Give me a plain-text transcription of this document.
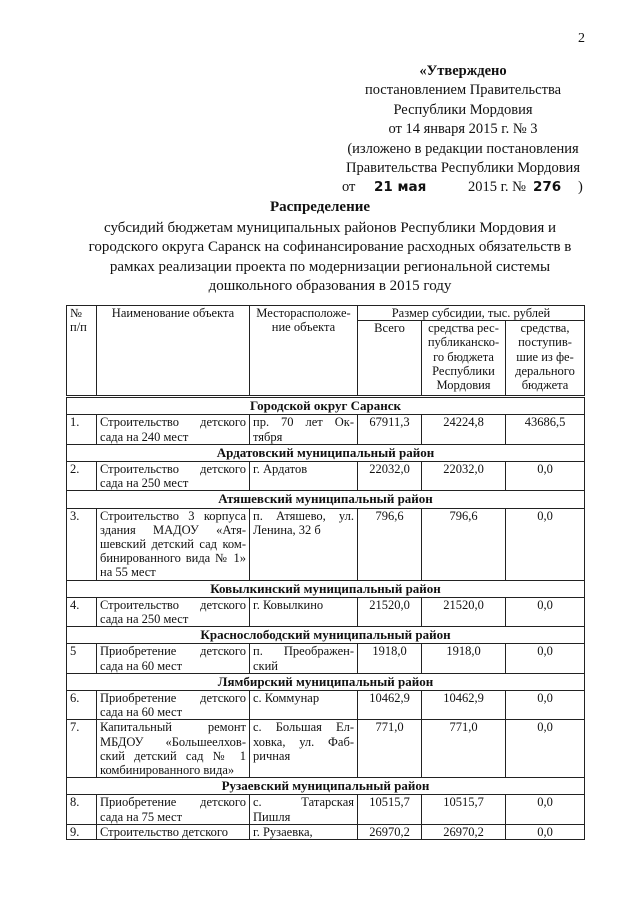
2
«Утверждено
постановлением Правительства
Республики Мордовия
от 14 января 2015 г. № 3
(изложено в редакции постановления
Правительства Республики Мордовия
от 21 мая	2015 г. № 276 )
Распределение
субсидий бюджетам муниципальных районов Республики Мордовия и городского округа Саранск на софинансирование расходных обязательств в рамках реализации проекта по модернизации региональной системы дошкольного образования в 2015 году
№ п/п	Наименование объекта	Месторасположе-ние объекта	Размер субсидии, тыс. рублей		
			Всего	средства рес-публиканско-го бюджета Республики Мордовия	средства, поступив-шие из фе-дерального бюджета
Городской округ Саранск					
1.	Строительство детского сада на 240 мест	пр. 70 лет Ок-тября	67911,3	24224,8	43686,5
Ардатовский муниципальный район					
2.	Строительство детского сада на 250 мест	г. Ардатов	22032,0	22032,0	0,0
Атяшевский муниципальный район					
3.	Строительство 3 корпуса здания МАДОУ «Атя-шевский детский сад ком-бинированного вида № 1» на 55 мест	п. Атяшево, ул. Ленина, 32 б	796,6	796,6	0,0
Ковылкинский муниципальный район					
4.	Строительство детского сада на 250 мест	г. Ковылкино	21520,0	21520,0	0,0
Краснослободский муниципальный район					
5	Приобретение детского сада на 60 мест	п. Преображен-ский	1918,0	1918,0	0,0
Лямбирский муниципальный район					
6.	Приобретение детского сада на 60 мест	с. Коммунар	10462,9	10462,9	0,0
7.	Капитальный ремонт МБДОУ «Большеелхов-ский детский сад № 1 комбинированного вида»	с. Большая Ел-ховка, ул. Фаб-ричная	771,0	771,0	0,0
Рузаевский муниципальный район					
8.	Приобретение детского сада на 75 мест	с. Татарская Пишля	10515,7	10515,7	0,0
9.	Строительство детского	г. Рузаевка,	26970,2	26970,2	0,0
